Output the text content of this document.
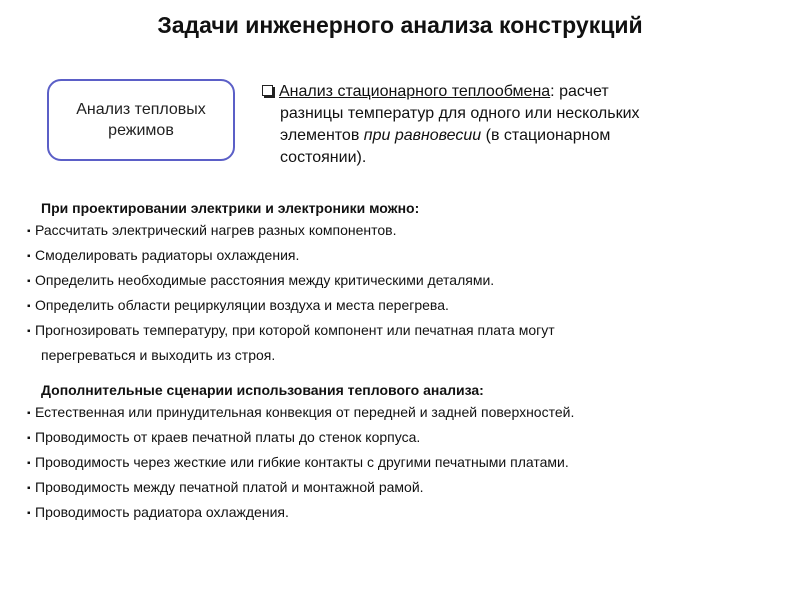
Задачи инженерного анализа конструкций
Анализ тепловых
режимов
Анализ стационарного теплообмена: расчет
разницы температур для одного или нескольких
элементов при равновесии (в стационарном
состоянии).
При проектировании электрики и электроники можно:
▪ Рассчитать электрический нагрев разных компонентов.
▪ Смоделировать радиаторы охлаждения.
▪ Определить необходимые расстояния между критическими деталями.
▪ Определить области рециркуляции воздуха и места перегрева.
▪ Прогнозировать температуру, при которой компонент или печатная плата могут
перегреваться и выходить из строя.
Дополнительные сценарии использования теплового анализа:
▪ Естественная или принудительная конвекция от передней и задней поверхностей.
▪ Проводимость от краев печатной платы до стенок корпуса.
▪ Проводимость через жесткие или гибкие контакты с другими печатными платами.
▪ Проводимость между печатной платой и монтажной рамой.
▪ Проводимость радиатора охлаждения.
